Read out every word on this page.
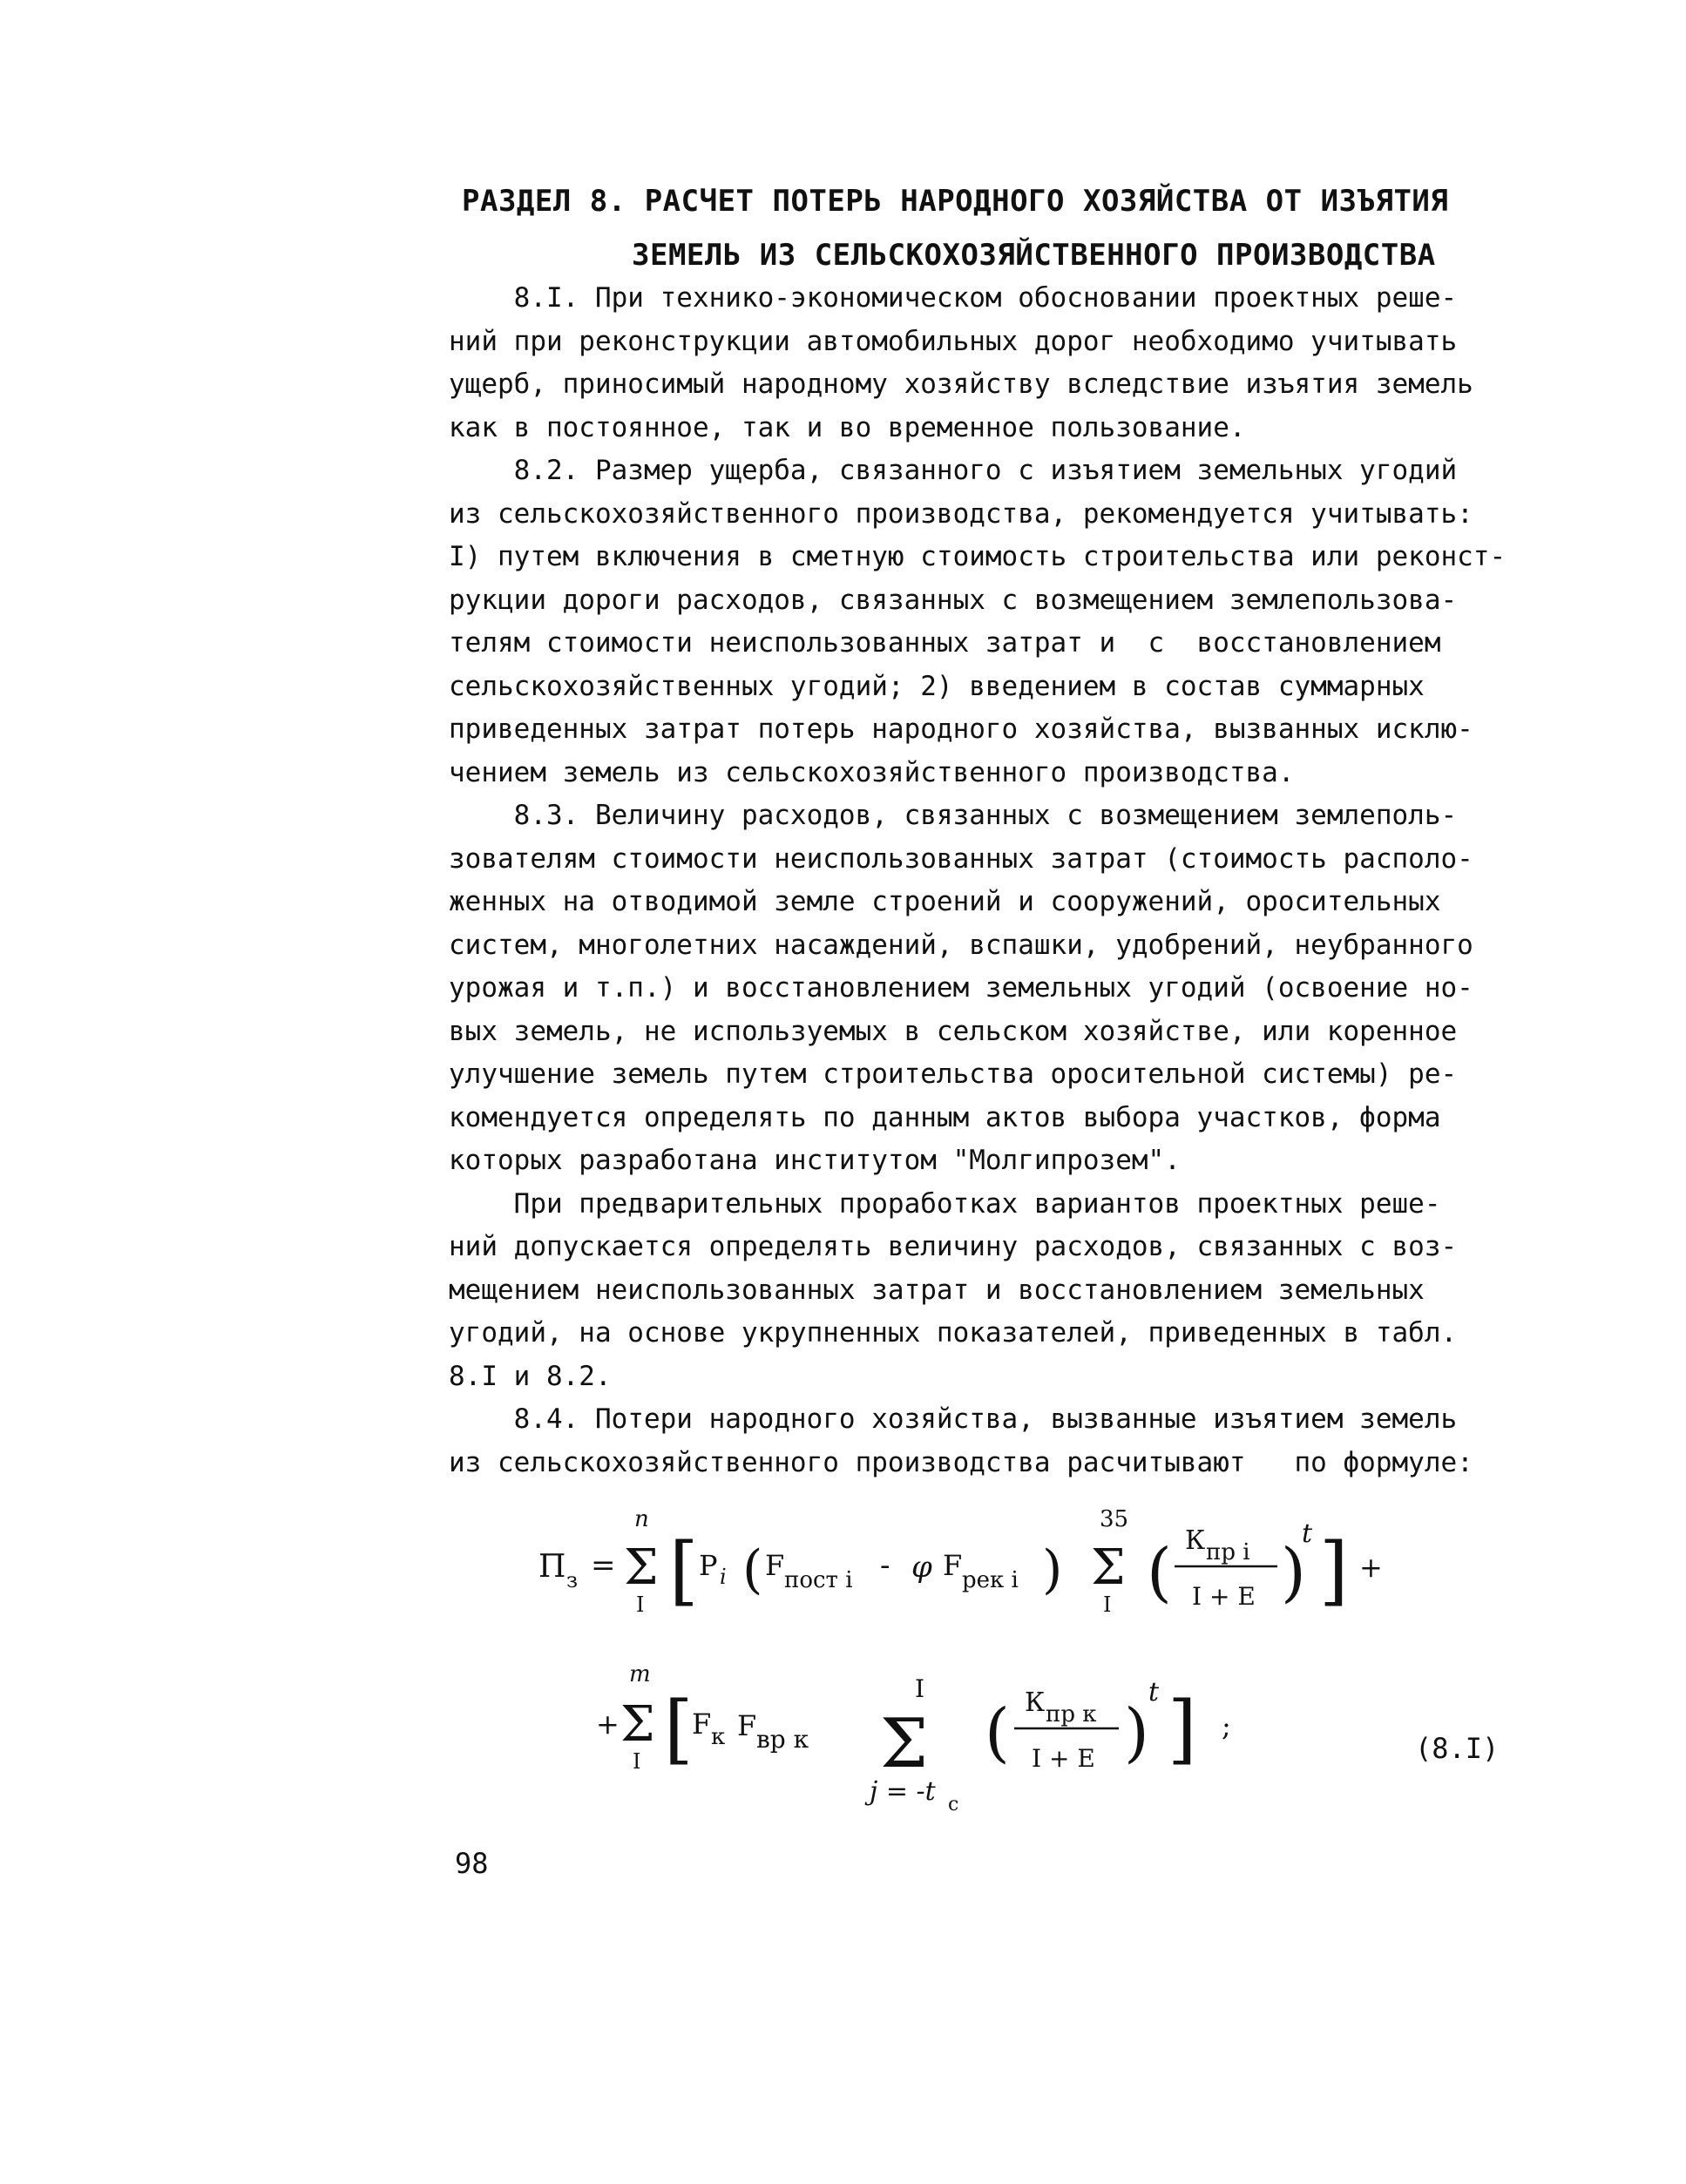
РАЗДЕЛ 8. РАСЧЕТ ПОТЕРЬ НАРОДНОГО ХОЗЯЙСТВА ОТ ИЗЪЯТИЯ
ЗЕМЕЛЬ ИЗ СЕЛЬСКОХОЗЯЙСТВЕННОГО ПРОИЗВОДСТВА
8.I. При технико-экономическом обосновании проектных реше-
ний при реконструкции автомобильных дорог необходимо учитывать
ущерб, приносимый народному хозяйству вследствие изъятия земель
как в постоянное, так и во временное пользование.
8.2. Размер ущерба, связанного с изъятием земельных угодий
из сельскохозяйственного производства, рекомендуется учитывать:
I) путем включения в сметную стоимость строительства или реконст-
рукции дороги расходов, связанных с возмещением землепользова-
телям стоимости неиспользованных затрат и  с  восстановлением
сельскохозяйственных угодий; 2) введением в состав суммарных
приведенных затрат потерь народного хозяйства, вызванных исклю-
чением земель из сельскохозяйственного производства.
8.3. Величину расходов, связанных с возмещением землеполь-
зователям стоимости неиспользованных затрат (стоимость располо-
женных на отводимой земле строений и сооружений, оросительных
систем, многолетних насаждений, вспашки, удобрений, неубранного
урожая и т.п.) и восстановлением земельных угодий (освоение но-
вых земель, не используемых в сельском хозяйстве, или коренное
улучшение земель путем строительства оросительной системы) ре-
комендуется определять по данным актов выбора участков, форма
которых разработана институтом "Молгипрозем".
При предварительных проработках вариантов проектных реше-
ний допускается определять величину расходов, связанных с воз-
мещением неиспользованных затрат и восстановлением земельных
угодий, на основе укрупненных показателей, приведенных в табл.
8.I и 8.2.
8.4. Потери народного хозяйства, вызванные изъятием земель
из сельскохозяйственного производства расчитывают   по формуле:
П з =
n
Σ
I [ P i ( F пост i - φ F рек i )
35
Σ
I ( К пр i
I + E )
t ] +
+
m
Σ
I [
F к F вр к
I
Σ
j = -t c
( К пр к
I + E )
t ] ;
(8.I)
98
